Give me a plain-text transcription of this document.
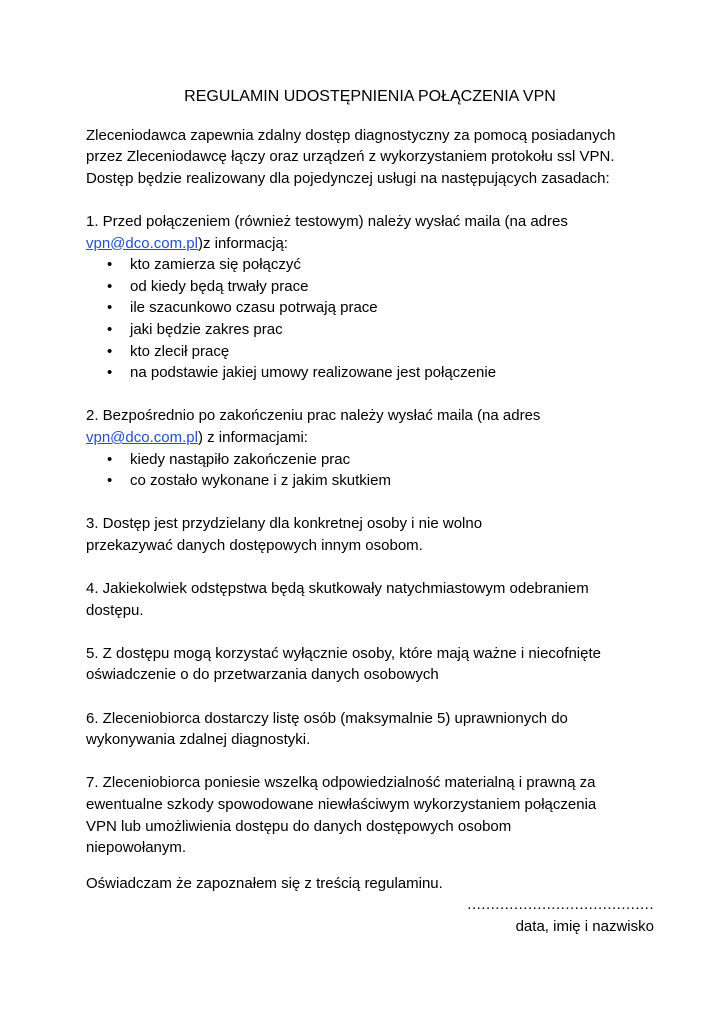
REGULAMIN UDOSTĘPNIENIA POŁĄCZENIA VPN

Zleceniodawca zapewnia zdalny dostęp diagnostyczny za pomocą posiadanych

przez Zleceniodawcę łączy oraz urządzeń z wykorzystaniem protokołu ssl VPN.

Dostęp będzie realizowany dla pojedynczej usługi na następujących zasadach:

1. Przed połączeniem (również testowym) należy wysłać maila (na adres

vpn@dco.com.pl)z informacją:

• kto zamierza się połączyć
• od kiedy będą trwały prace
• ile szacunkowo czasu potrwają prace
• jaki będzie zakres prac
• kto zlecił pracę
• na podstawie jakiej umowy realizowane jest połączenie

2. Bezpośrednio po zakończeniu prac należy wysłać maila (na adres

vpn@dco.com.pl) z informacjami:

• kiedy nastąpiło zakończenie prac
• co zostało wykonane i z jakim skutkiem

3. Dostęp jest przydzielany dla konkretnej osoby i nie wolno

przekazywać danych dostępowych innym osobom.

4. Jakiekolwiek odstępstwa będą skutkowały natychmiastowym odebraniem

dostępu.

5. Z dostępu mogą korzystać wyłącznie osoby, które mają ważne i niecofnięte

oświadczenie o do przetwarzania danych osobowych

6. Zleceniobiorca dostarczy listę osób (maksymalnie 5) uprawnionych do

wykonywania zdalnej diagnostyki.

7. Zleceniobiorca poniesie wszelką odpowiedzialność materialną i prawną za

ewentualne szkody spowodowane niewłaściwym wykorzystaniem połączenia

VPN lub umożliwienia dostępu do danych dostępowych osobom

niepowołanym.

Oświadczam że zapoznałem się z treścią regulaminu.

........................................

data, imię i nazwisko
